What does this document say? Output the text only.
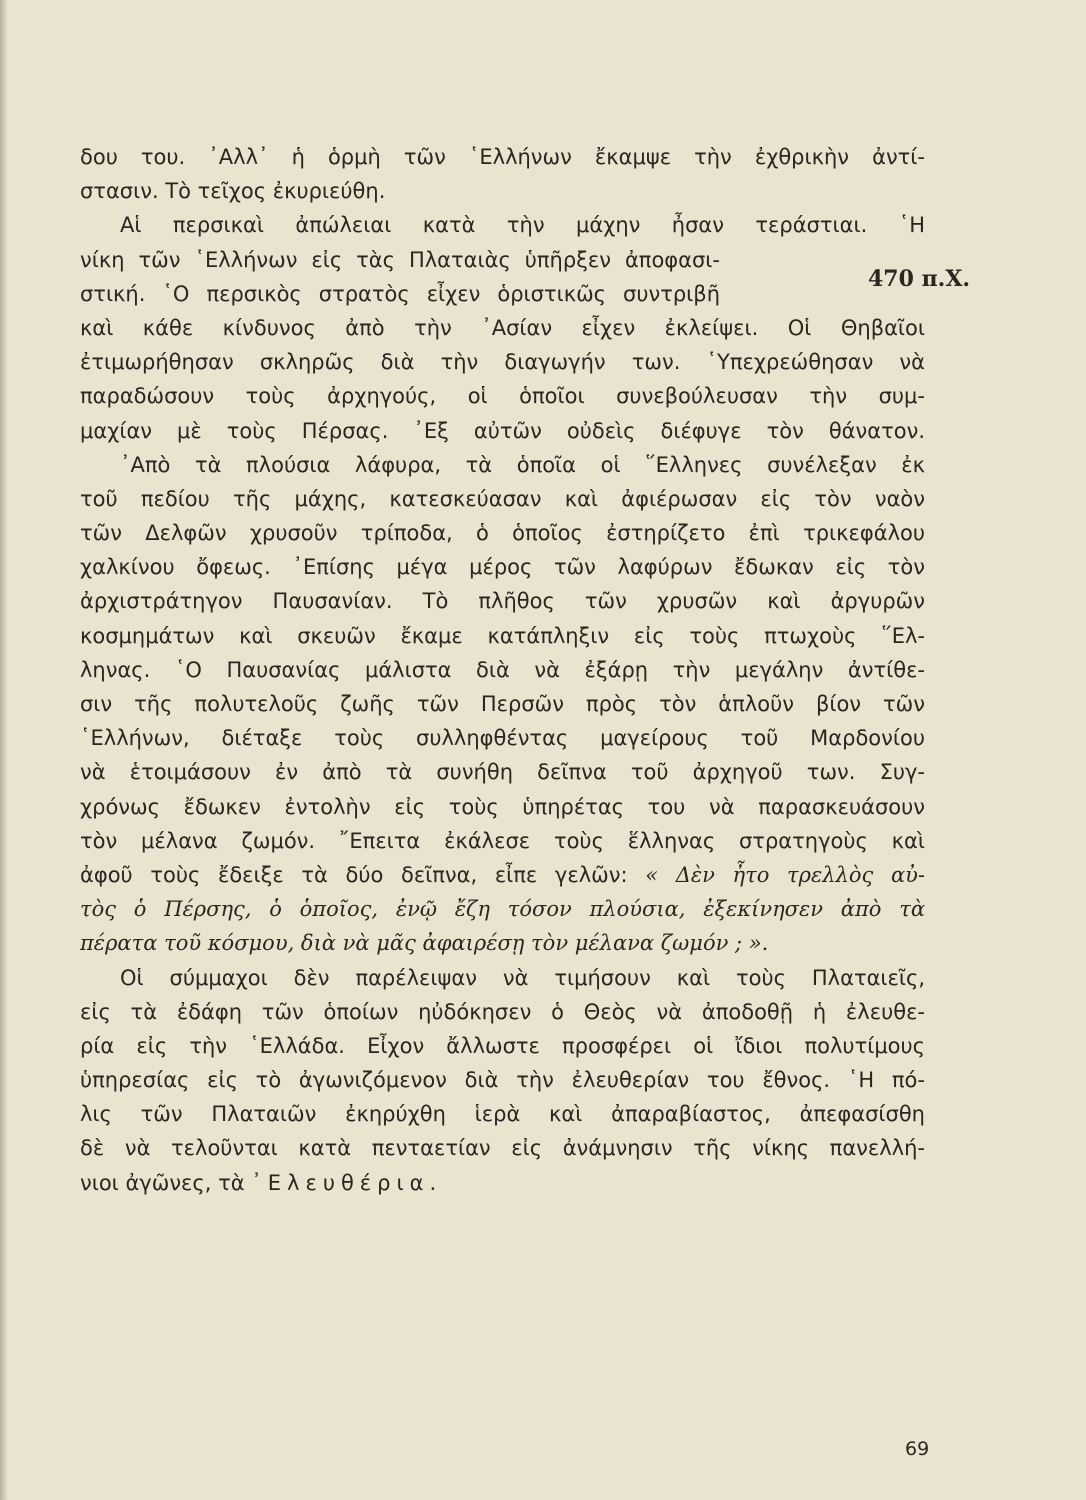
δου του. ᾿Αλλ᾿ ἡ ὁρμὴ τῶν ῾Ελλήνων ἔκαμψε τὴν ἐχθρικὴν ἀντί-
στασιν. Τὸ τεῖχος ἐκυριεύθη.
Αἱ περσικαὶ ἀπώλειαι κατὰ τὴν μάχην ἦσαν τεράστιαι. ῾Η
νίκη τῶν ῾Ελλήνων εἰς τὰς Πλαταιὰς ὑπῆρξεν ἀποφασι-
στική. ῾Ο περσικὸς στρατὸς εἶχεν ὁριστικῶς συντριβῆ
καὶ κάθε κίνδυνος ἀπὸ τὴν ᾿Ασίαν εἶχεν ἐκλείψει. Οἱ Θηβαῖοι
ἐτιμωρήθησαν σκληρῶς διὰ τὴν διαγωγήν των. ῾Υπεχρεώθησαν νὰ
παραδώσουν τοὺς ἀρχηγούς, οἱ ὁποῖοι συνεβούλευσαν τὴν συμ-
μαχίαν μὲ τοὺς Πέρσας. ᾿Εξ αὐτῶν οὐδεὶς διέφυγε τὸν θάνατον.
᾿Απὸ τὰ πλούσια λάφυρα, τὰ ὁποῖα οἱ ῞Ελληνες συνέλεξαν ἐκ
τοῦ πεδίου τῆς μάχης, κατεσκεύασαν καὶ ἀφιέρωσαν εἰς τὸν ναὸν
τῶν Δελφῶν χρυσοῦν τρίποδα, ὁ ὁποῖος ἐστηρίζετο ἐπὶ τρικεφάλου
χαλκίνου ὄφεως. ᾿Επίσης μέγα μέρος τῶν λαφύρων ἔδωκαν εἰς τὸν
ἀρχιστράτηγον Παυσανίαν. Τὸ πλῆθος τῶν χρυσῶν καὶ ἀργυρῶν
κοσμημάτων καὶ σκευῶν ἔκαμε κατάπληξιν εἰς τοὺς πτωχοὺς ῞Ελ-
ληνας. ῾Ο Παυσανίας μάλιστα διὰ νὰ ἐξάρῃ τὴν μεγάλην ἀντίθε-
σιν τῆς πολυτελοῦς ζωῆς τῶν Περσῶν πρὸς τὸν ἁπλοῦν βίον τῶν
῾Ελλήνων, διέταξε τοὺς συλληφθέντας μαγείρους τοῦ Μαρδονίου
νὰ ἑτοιμάσουν ἐν ἀπὸ τὰ συνήθη δεῖπνα τοῦ ἀρχηγοῦ των. Συγ-
χρόνως ἔδωκεν ἐντολὴν εἰς τοὺς ὑπηρέτας του νὰ παρασκευάσουν
τὸν μέλανα ζωμόν. ῎Επειτα ἐκάλεσε τοὺς ἕλληνας στρατηγοὺς καὶ
ἀφοῦ τοὺς ἔδειξε τὰ δύο δεῖπνα, εἶπε γελῶν: « Δὲν ἦτο τρελλὸς αὐ-
τὸς ὁ Πέρσης, ὁ ὁποῖος, ἐνῷ ἔζη τόσον πλούσια, ἐξεκίνησεν ἀπὸ τὰ
πέρατα τοῦ κόσμου, διὰ νὰ μᾶς ἀφαιρέσῃ τὸν μέλανα ζωμόν ; ».
Οἱ σύμμαχοι δὲν παρέλειψαν νὰ τιμήσουν καὶ τοὺς Πλαταιεῖς,
εἰς τὰ ἐδάφη τῶν ὁποίων ηὐδόκησεν ὁ Θεὸς νὰ ἀποδοθῇ ἡ ἐλευθε-
ρία εἰς τὴν ῾Ελλάδα. Εἶχον ἄλλωστε προσφέρει οἱ ἴδιοι πολυτίμους
ὑπηρεσίας εἰς τὸ ἀγωνιζόμενον διὰ τὴν ἐλευθερίαν του ἔθνος. ῾Η πό-
λις τῶν Πλαταιῶν ἐκηρύχθη ἱερὰ καὶ ἀπαραβίαστος, ἀπεφασίσθη
δὲ νὰ τελοῦνται κατὰ πενταετίαν εἰς ἀνάμνησιν τῆς νίκης πανελλή-
νιοι ἀγῶνες, τὰ ᾿Ελευθέρια.
470 π.Χ.
69
